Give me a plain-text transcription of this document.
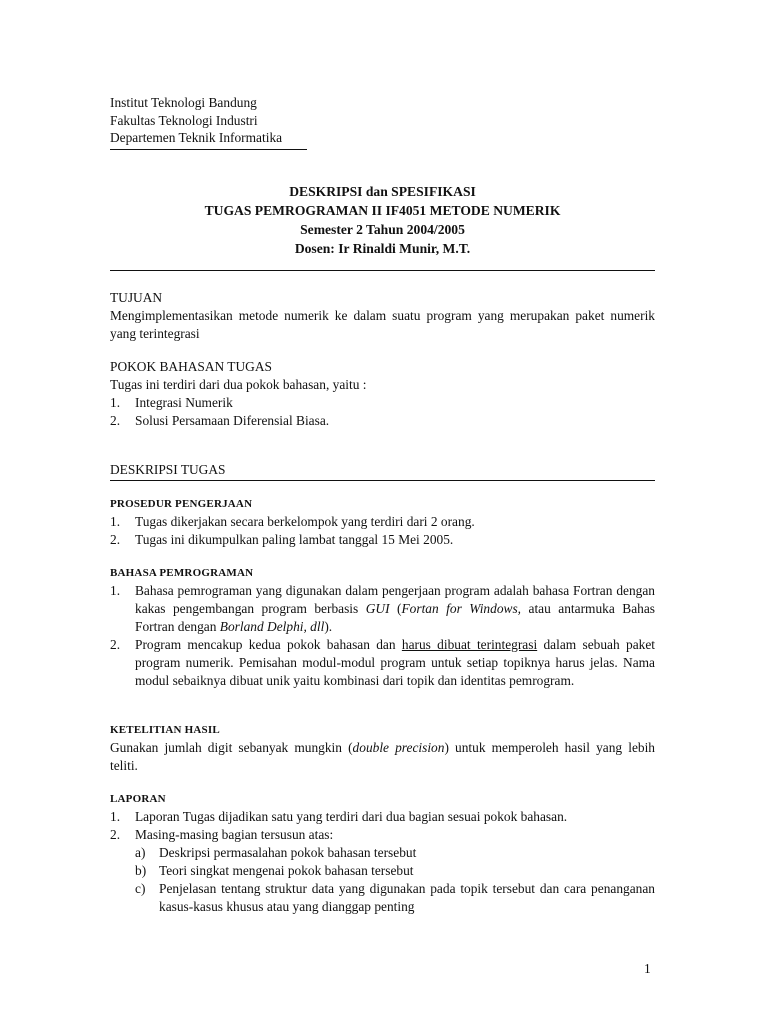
Institut Teknologi Bandung
Fakultas Teknologi Industri
Departemen Teknik Informatika
DESKRIPSI dan SPESIFIKASI
TUGAS PEMROGRAMAN II IF4051 METODE NUMERIK
Semester 2 Tahun 2004/2005
Dosen: Ir Rinaldi Munir, M.T.

TUJUAN

Mengimplementasikan metode numerik ke dalam suatu program yang merupakan paket numerik yang terintegrasi

POKOK BAHASAN TUGAS

Tugas ini terdiri dari dua pokok bahasan, yaitu :

1. Integrasi Numerik
2. Solusi Persamaan Diferensial Biasa.

DESKRIPSI TUGAS

PROSEDUR PENGERJAAN

1. Tugas dikerjakan secara berkelompok yang terdiri dari 2 orang.
2. Tugas ini dikumpulkan paling lambat tanggal 15 Mei 2005.

BAHASA PEMROGRAMAN

1. Bahasa pemrograman yang digunakan dalam pengerjaan program adalah bahasa Fortran dengan kakas pengembangan program berbasis GUI (Fortan for Windows, atau antarmuka Bahas Fortran dengan Borland Delphi, dll).
2. Program mencakup kedua pokok bahasan dan harus dibuat terintegrasi dalam sebuah paket program numerik. Pemisahan modul-modul program untuk setiap topiknya harus jelas. Nama modul sebaiknya dibuat unik yaitu kombinasi dari topik dan identitas pemrogram.

KETELITIAN HASIL

Gunakan jumlah digit sebanyak mungkin (double precision) untuk memperoleh hasil yang lebih teliti.

LAPORAN

1. Laporan Tugas dijadikan satu yang terdiri dari dua bagian sesuai pokok bahasan.
2. Masing-masing bagian tersusun atas:
a) Deskripsi permasalahan pokok bahasan tersebut
b) Teori singkat mengenai pokok bahasan tersebut
c) Penjelasan tentang struktur data yang digunakan pada topik tersebut dan cara penanganan kasus-kasus khusus atau yang dianggap penting
1
